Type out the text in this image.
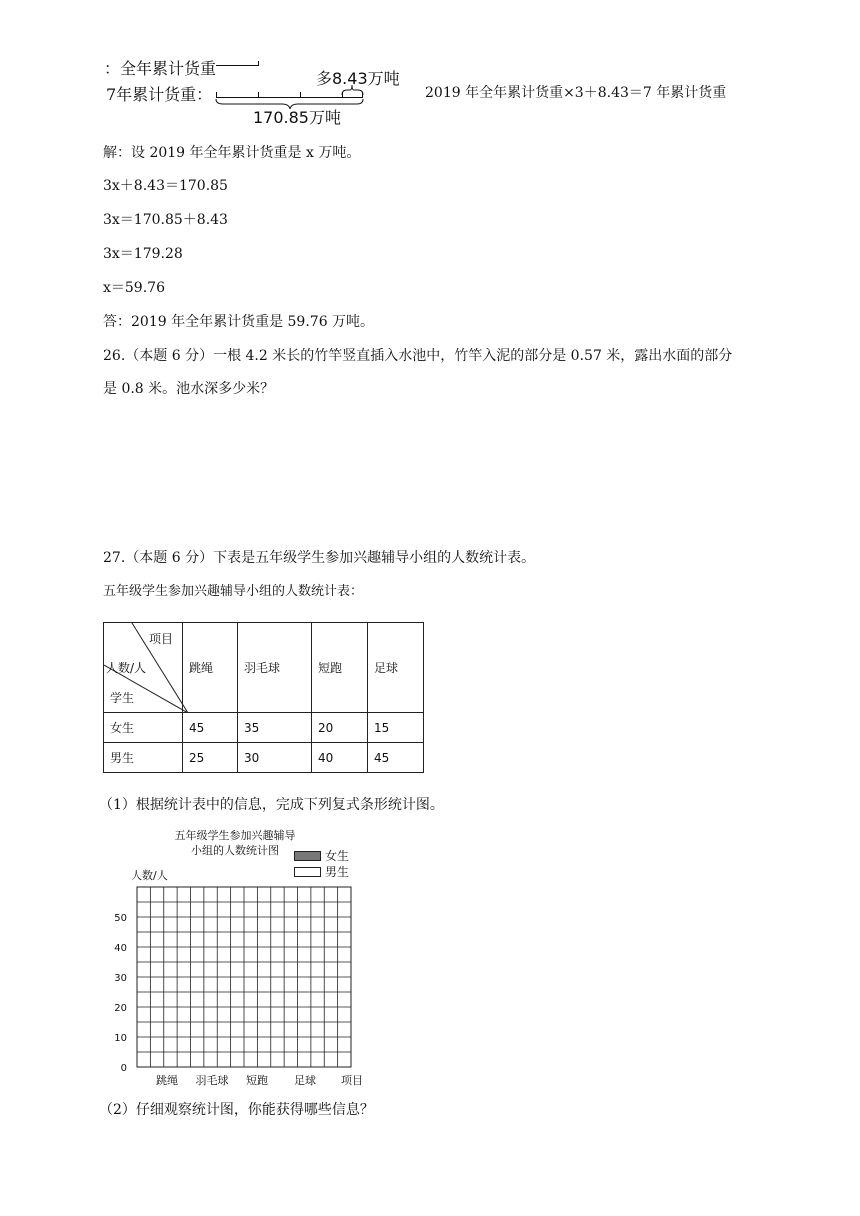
全年累计货重：
7年累计货重：
多8.43万吨
170.85万吨
2019 年全年累计货重×3＋8.43＝7 年累计货重
解：设 2019 年全年累计货重是 x 万吨。
3x＋8.43＝170.85
3x＝170.85＋8.43
3x＝179.28
x＝59.76
答：2019 年全年累计货重是 59.76 万吨。
26.（本题 6 分）一根 4.2 米长的竹竿竖直插入水池中，竹竿入泥的部分是 0.57 米，露出水面的部分
是 0.8 米。池水深多少米？
27.（本题 6 分）下表是五年级学生参加兴趣辅导小组的人数统计表。
五年级学生参加兴趣辅导小组的人数统计表：
项目
人数/人
学生	跳绳	羽毛球	短跑	足球
女生	45	35	20	15
男生	25	30	40	45
（1）根据统计表中的信息，完成下列复式条形统计图。
五年级学生参加兴趣辅导
小组的人数统计图	女生
男生
人数/人
0
10
20
30
40
50
跳绳 羽毛球 短跑 足球 项目
（2）仔细观察统计图，你能获得哪些信息？
